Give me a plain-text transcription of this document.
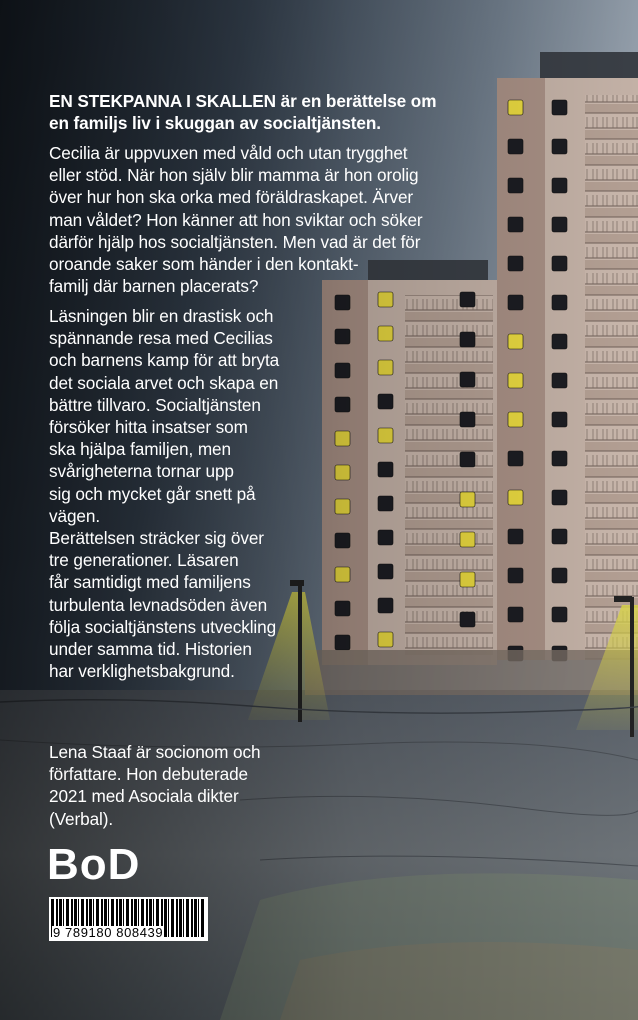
EN STEKPANNA I SKALLEN är en berättelse om
en familjs liv i skuggan av socialtjänsten.
Cecilia är uppvuxen med våld och utan trygghet
eller stöd. När hon själv blir mamma är hon orolig
över hur hon ska orka med föräldraskapet. Ärver
man våldet? Hon känner att hon sviktar och söker
därför hjälp hos socialtjänsten. Men vad är det för
oroande saker som händer i den kontakt-
familj där barnen placerats?
Läsningen blir en drastisk och
spännande resa med Cecilias
och barnens kamp för att bryta
det sociala arvet och skapa en
bättre tillvaro. Socialtjänsten
försöker hitta insatser som
ska hjälpa familjen, men
svårigheterna tornar upp
sig och mycket går snett på
vägen.
Berättelsen sträcker sig över
tre generationer. Läsaren
får samtidigt med familjens
turbulenta levnadsöden även
följa socialtjänstens utveckling
under samma tid. Historien
har verklighetsbakgrund.
Lena Staaf är socionom och
författare. Hon debuterade
2021 med Asociala dikter
(Verbal).
BoD
9 789180 808439
